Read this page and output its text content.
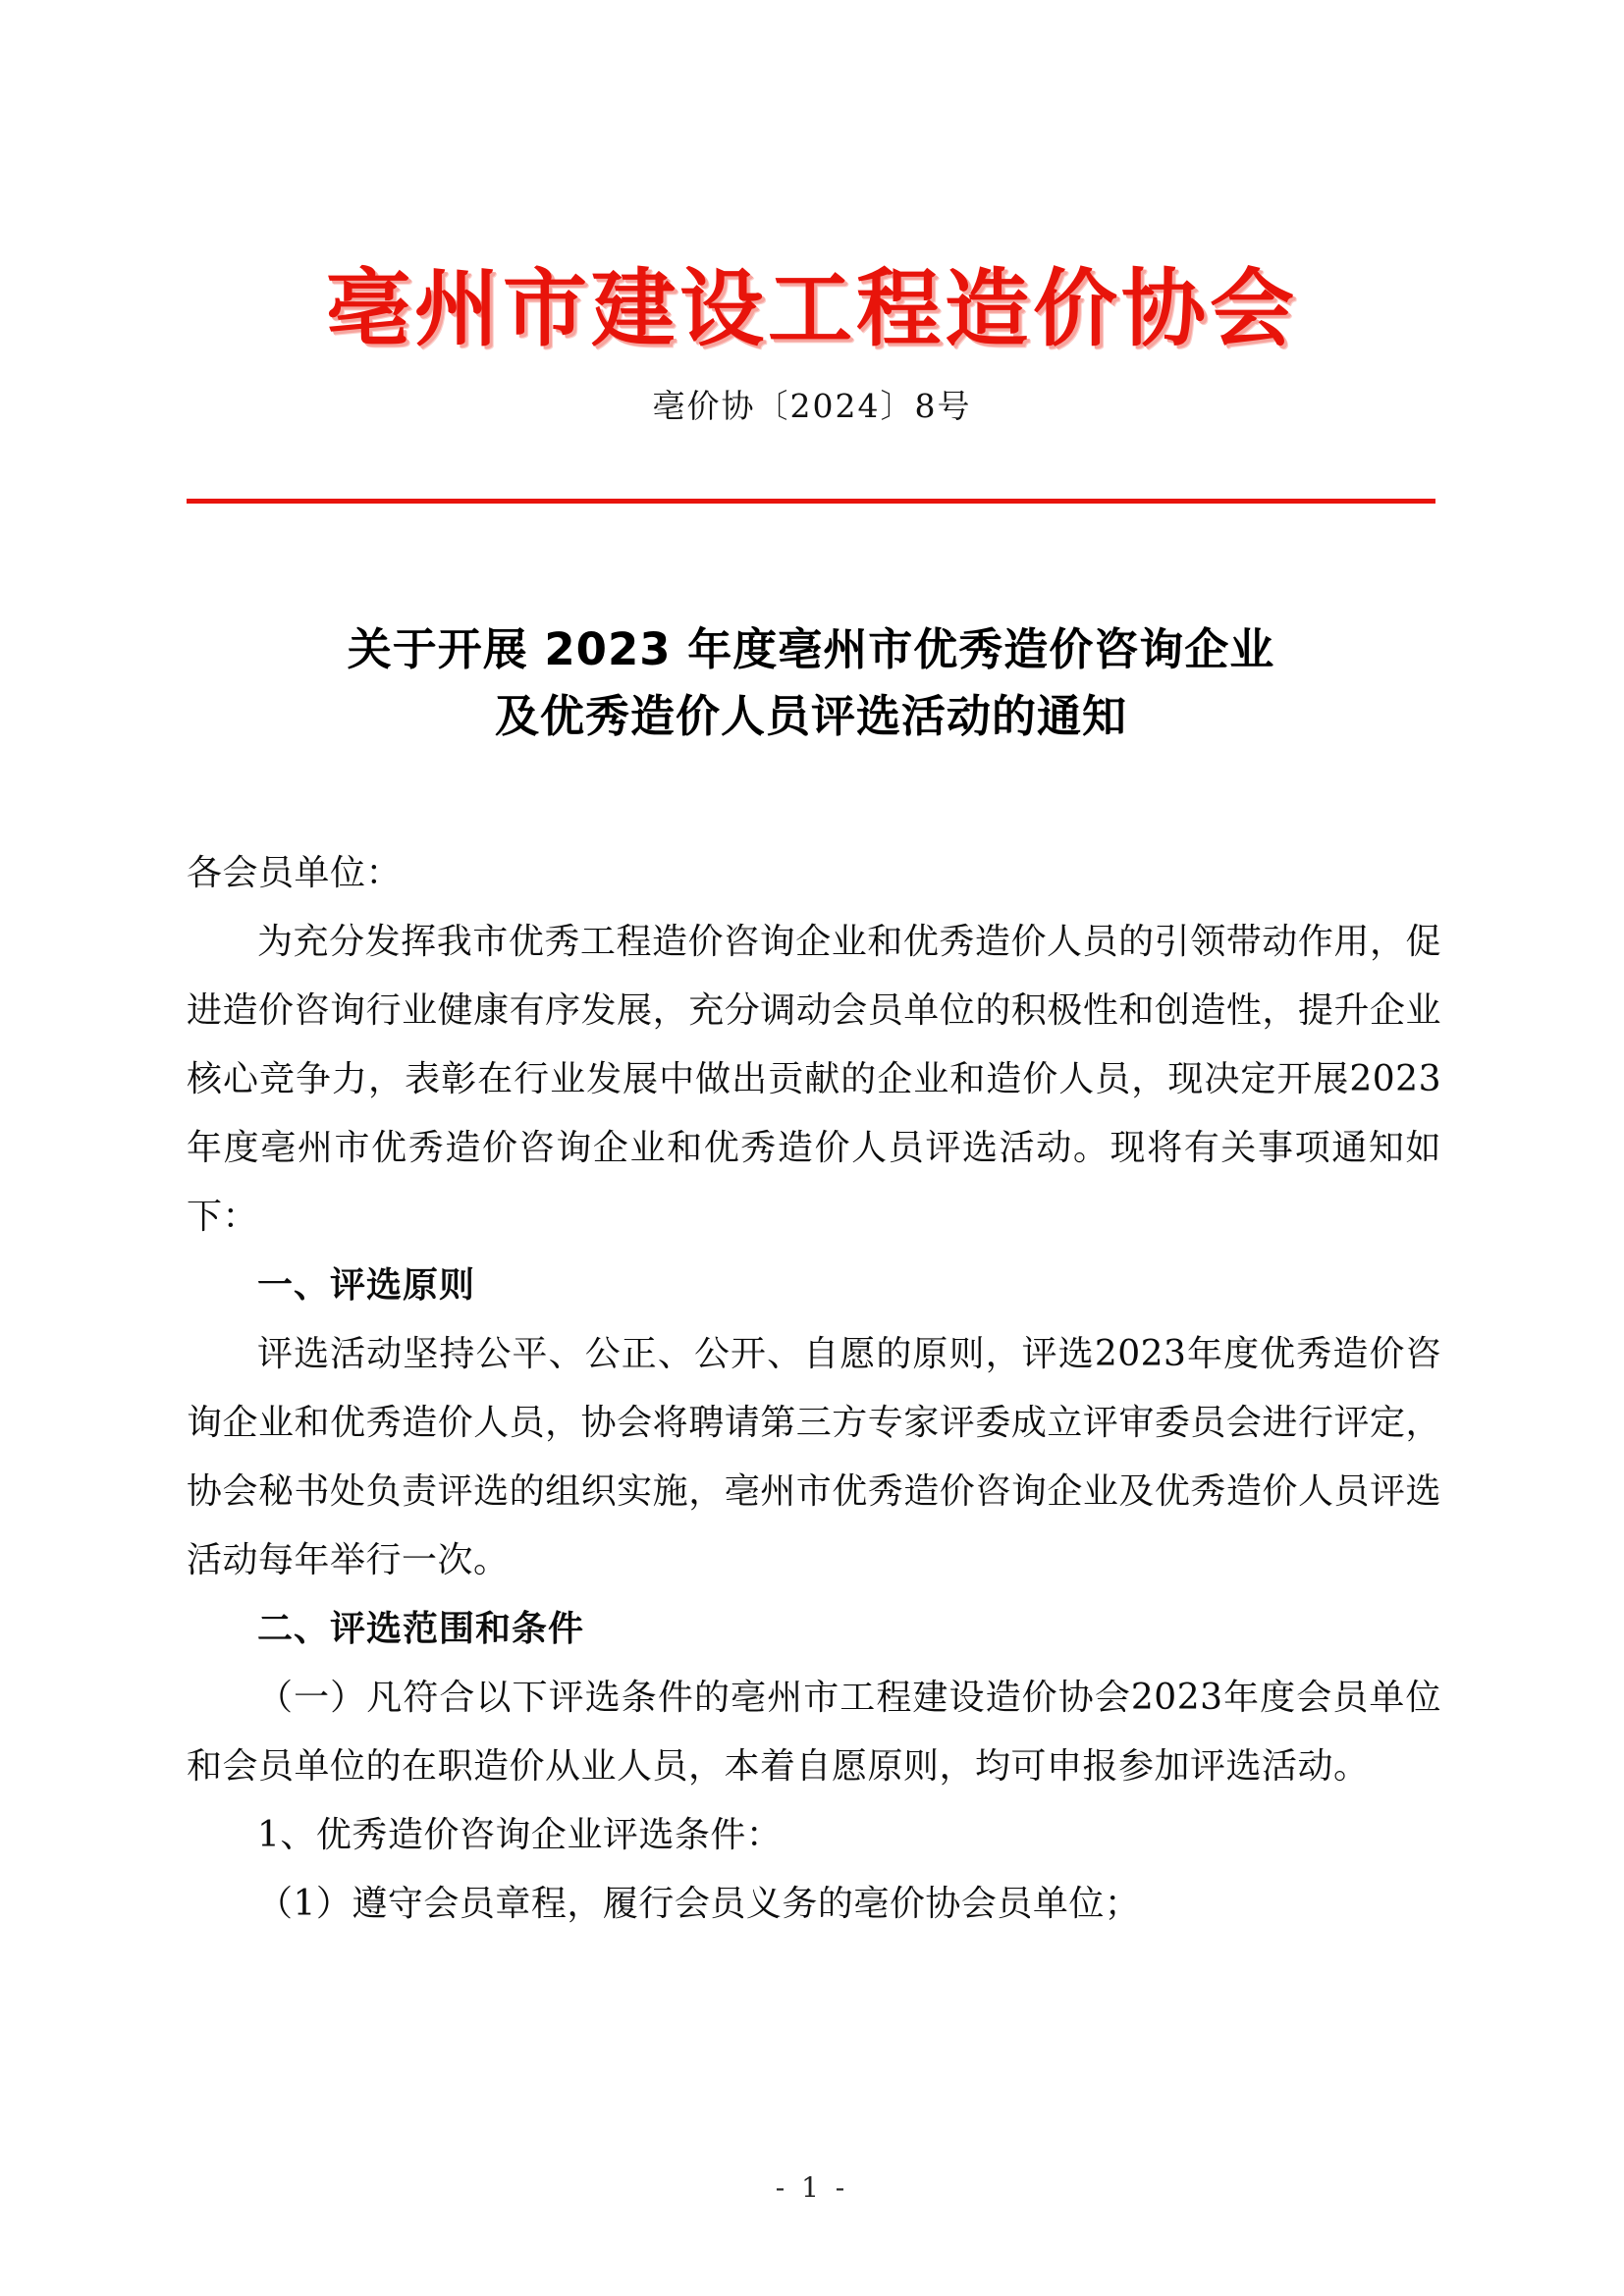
亳州市建设工程造价协会
亳价协〔2024〕8号
关于开展 2023 年度亳州市优秀造价咨询企业
及优秀造价人员评选活动的通知

各会员单位：

为充分发挥我市优秀工程造价咨询企业和优秀造价人员的引领带动作用，促进造价咨询行业健康有序发展，充分调动会员单位的积极性和创造性，提升企业核心竞争力，表彰在行业发展中做出贡献的企业和造价人员，现决定开展2023年度亳州市优秀造价咨询企业和优秀造价人员评选活动。现将有关事项通知如下：

一、评选原则

评选活动坚持公平、公正、公开、自愿的原则，评选2023年度优秀造价咨询企业和优秀造价人员，协会将聘请第三方专家评委成立评审委员会进行评定，协会秘书处负责评选的组织实施，亳州市优秀造价咨询企业及优秀造价人员评选活动每年举行一次。

二、评选范围和条件

（一）凡符合以下评选条件的亳州市工程建设造价协会2023年度会员单位和会员单位的在职造价从业人员，本着自愿原则，均可申报参加评选活动。

1、优秀造价咨询企业评选条件：

（1）遵守会员章程，履行会员义务的亳价协会员单位；

- 1 -
